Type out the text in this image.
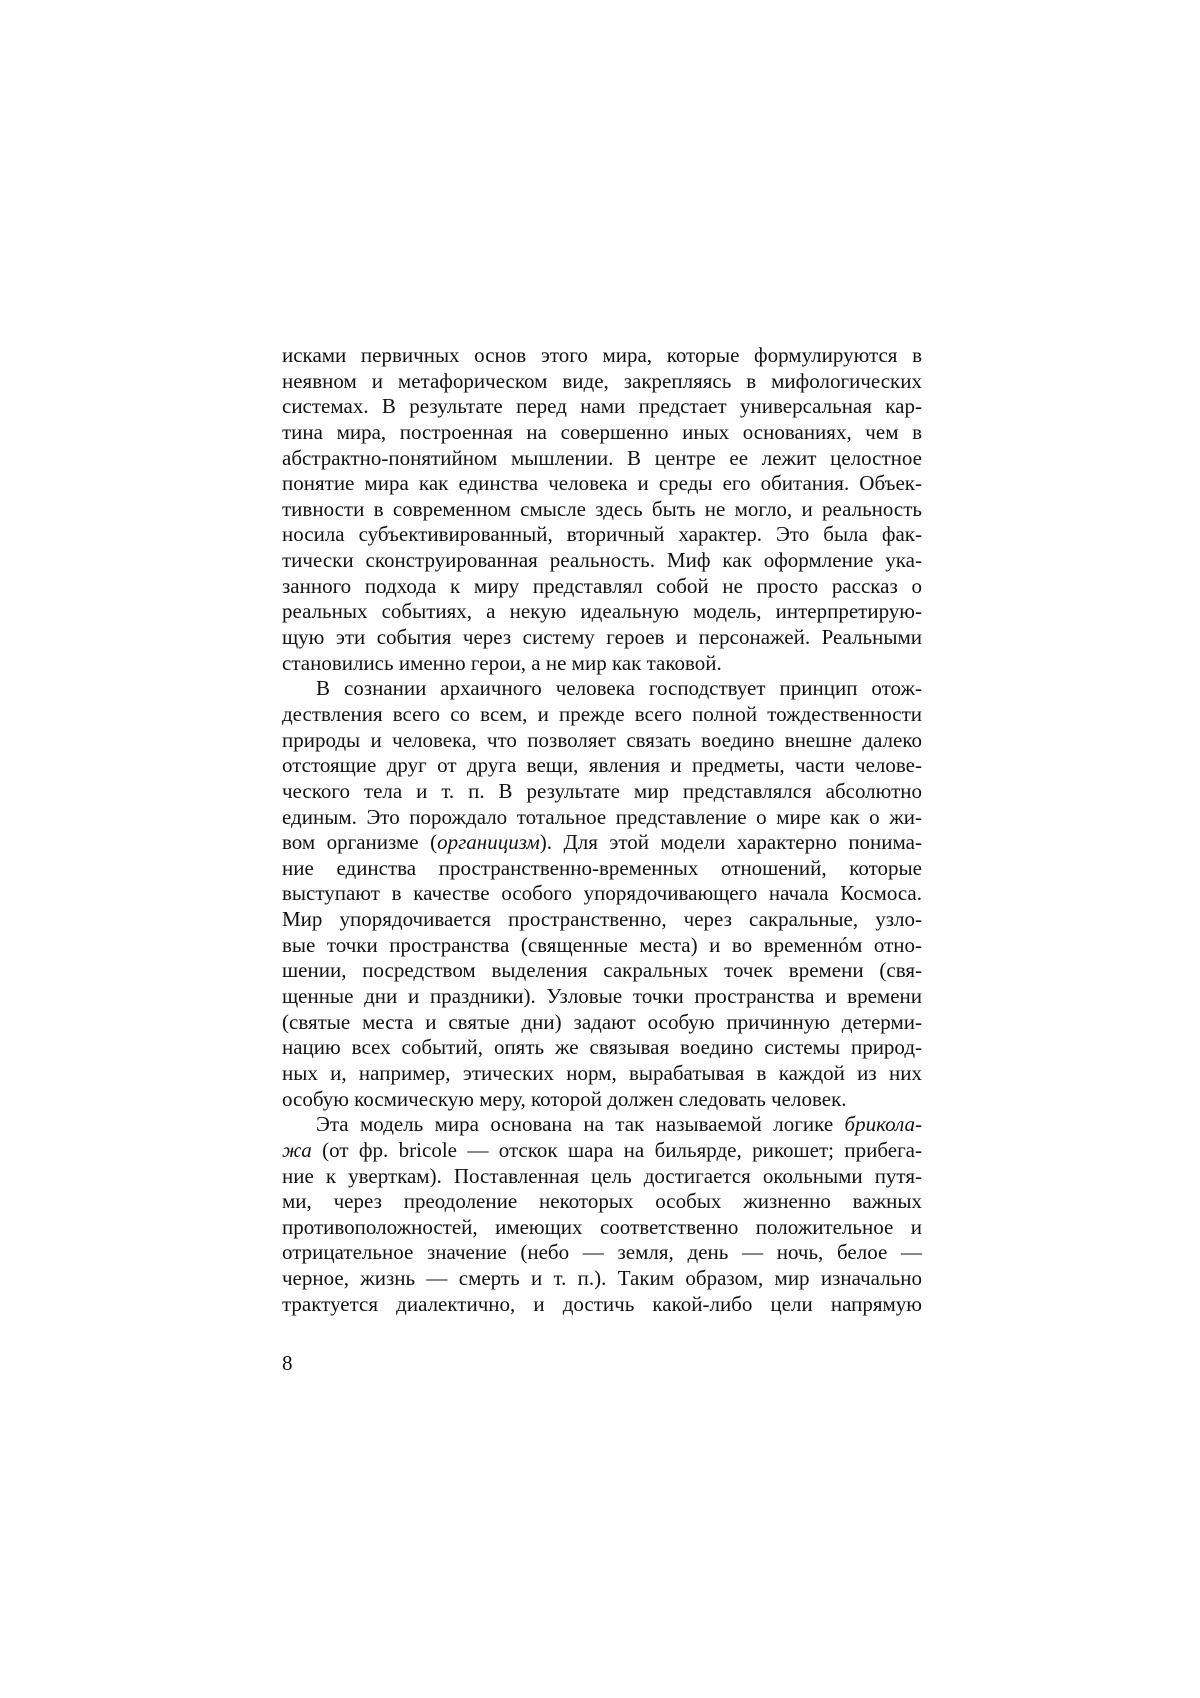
исками первичных основ этого мира, которые формулируются в
неявном и метафорическом виде, закрепляясь в мифологических
системах. В результате перед нами предстает универсальная кар-
тина мира, построенная на совершенно иных основаниях, чем в
абстрактно-понятийном мышлении. В центре ее лежит целостное
понятие мира как единства человека и среды его обитания. Объек-
тивности в современном смысле здесь быть не могло, и реальность
носила субъективированный, вторичный характер. Это была фак-
тически сконструированная реальность. Миф как оформление ука-
занного подхода к миру представлял собой не просто рассказ о
реальных событиях, а некую идеальную модель, интерпретирую-
щую эти события через систему героев и персонажей. Реальными
становились именно герои, а не мир как таковой.
В сознании архаичного человека господствует принцип отож-
дествления всего со всем, и прежде всего полной тождественности
природы и человека, что позволяет связать воедино внешне далеко
отстоящие друг от друга вещи, явления и предметы, части челове-
ческого тела и т. п. В результате мир представлялся абсолютно
единым. Это порождало тотальное представление о мире как о жи-
вом организме (органицизм). Для этой модели характерно понима-
ние единства пространственно-временных отношений, которые
выступают в качестве особого упорядочивающего начала Космоса.
Мир упорядочивается пространственно, через сакральные, узло-
вые точки пространства (священные места) и во временнóм отно-
шении, посредством выделения сакральных точек времени (свя-
щенные дни и праздники). Узловые точки пространства и времени
(святые места и святые дни) задают особую причинную детерми-
нацию всех событий, опять же связывая воедино системы природ-
ных и, например, этических норм, вырабатывая в каждой из них
особую космическую меру, которой должен следовать человек.
Эта модель мира основана на так называемой логике брикола-
жа (от фр. bricole — отскок шара на бильярде, рикошет; прибега-
ние к уверткам). Поставленная цель достигается окольными путя-
ми, через преодоление некоторых особых жизненно важных
противоположностей, имеющих соответственно положительное и
отрицательное значение (небо — земля, день — ночь, белое —
черное, жизнь — смерть и т. п.). Таким образом, мир изначально
трактуется диалектично, и достичь какой-либо цели напрямую
8
